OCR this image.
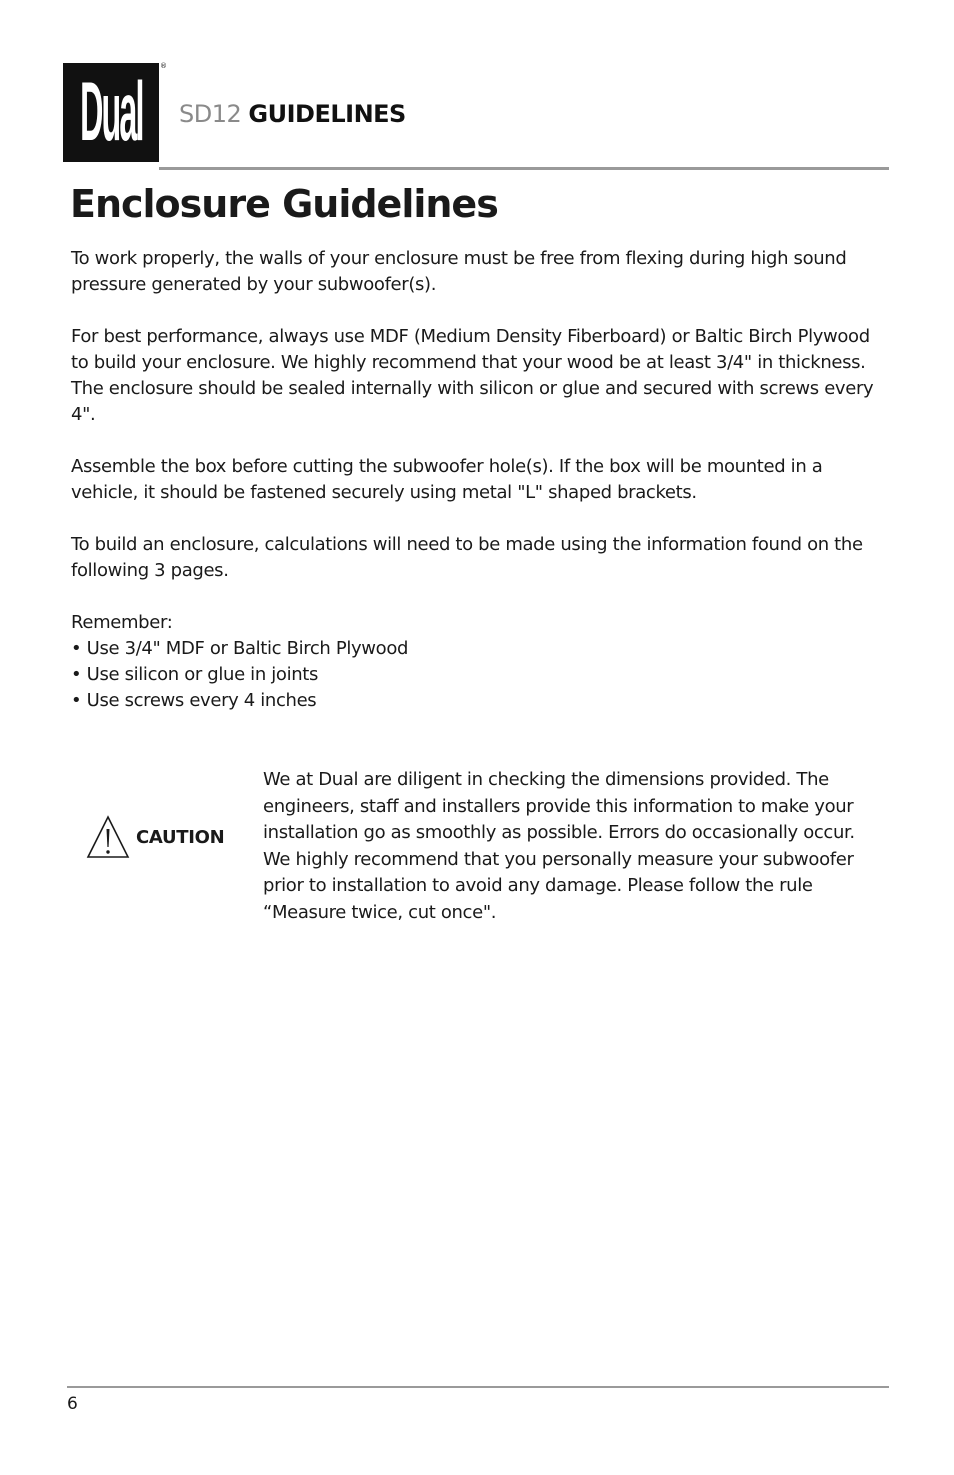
Dual
®
SD12 GUIDELINES
Enclosure Guidelines

To work properly, the walls of your enclosure must be free from flexing during high sound pressure generated by your subwoofer(s).

For best performance, always use MDF (Medium Density Fiberboard) or Baltic Birch Plywood to build your enclosure. We highly recommend that your wood be at least 3/4" in thickness. The enclosure should be sealed internally with silicon or glue and secured with screws every 4".

Assemble the box before cutting the subwoofer hole(s). If the box will be mounted in a vehicle, it should be fastened securely using metal "L" shaped brackets.

To build an enclosure, calculations will need to be made using the information found on the following 3 pages.

Remember:

• Use 3/4" MDF or Baltic Birch Plywood
• Use silicon or glue in joints
• Use screws every 4 inches
CAUTION

We at Dual are diligent in checking the dimensions provided. The engineers, staff and installers provide this information to make your installation go as smoothly as possible. Errors do occasionally occur. We highly recommend that you personally measure your subwoofer prior to installation to avoid any damage. Please follow the rule “Measure twice, cut once".

6
